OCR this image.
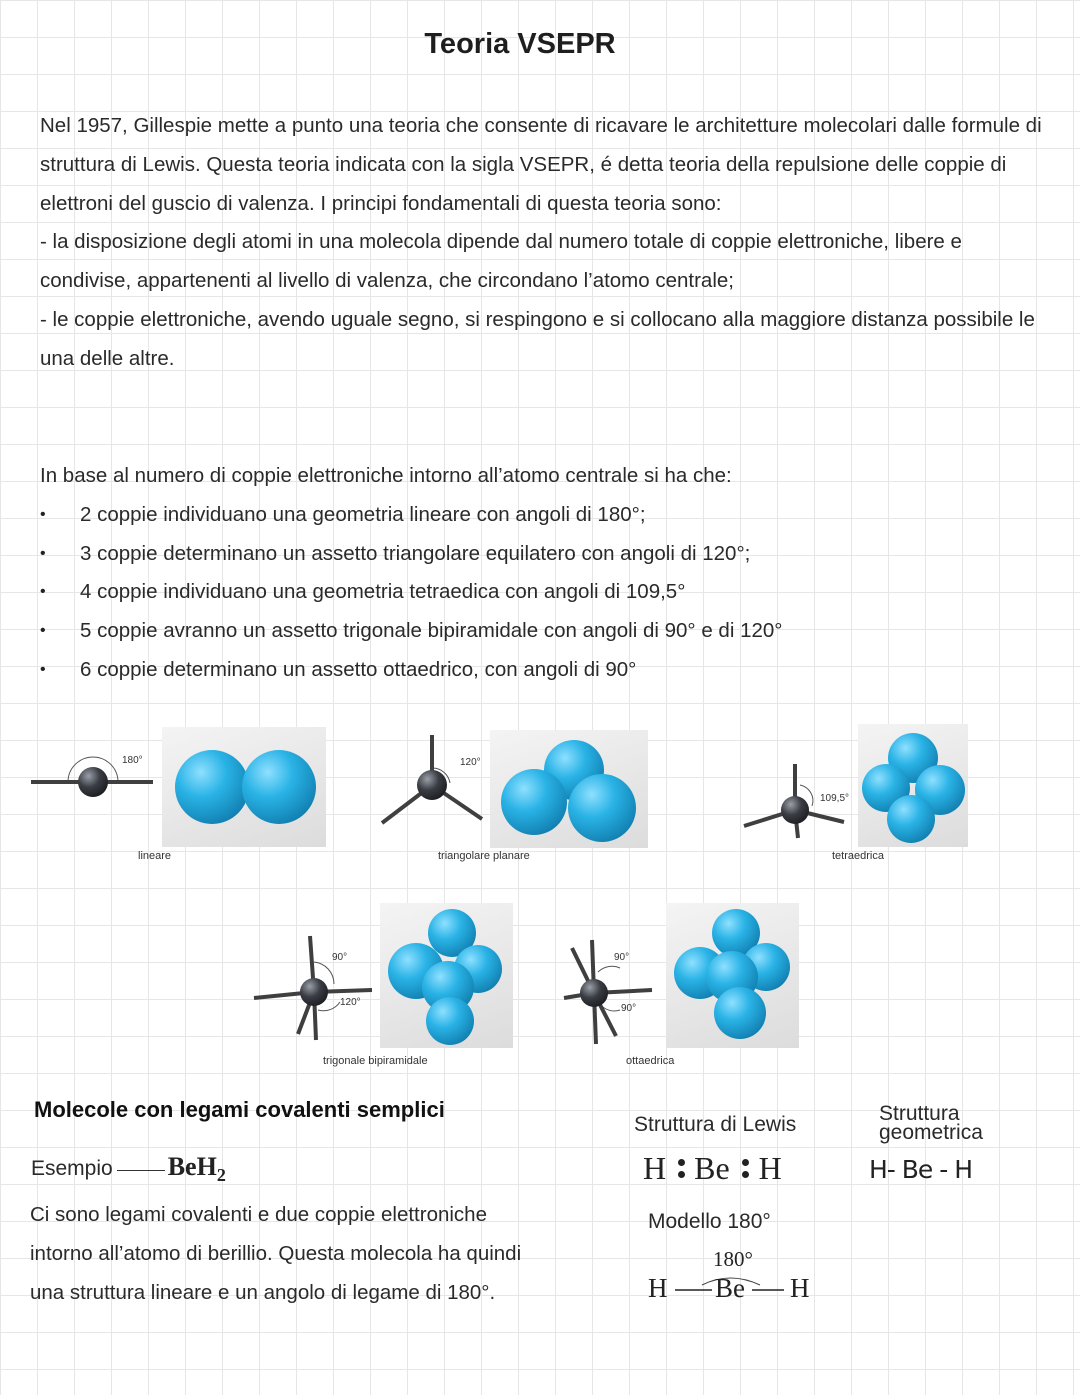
Teoria VSEPR

Nel 1957, Gillespie mette a punto una teoria che consente di ricavare le architetture molecolari dalle formule di struttura di Lewis. Questa teoria indicata con la sigla VSEPR, é detta teoria della repulsione delle coppie di elettroni del guscio di valenza. I principi fondamentali di questa teoria sono:

- la disposizione degli atomi in una molecola dipende dal numero totale di coppie elettroniche, libere e condivise, appartenenti al livello di valenza, che circondano l’atomo centrale;

- le coppie elettroniche, avendo uguale segno, si respingono e si collocano alla maggiore distanza possibile le una delle altre.

In base al numero di coppie elettroniche intorno all’atomo centrale si ha che:
• 2 coppie individuano una geometria lineare con angoli di 180°;
• 3 coppie determinano un assetto triangolare equilatero con angoli di 120°;
• 4 coppie individuano una geometria tetraedica con angoli di 109,5°
• 5 coppie avranno un assetto trigonale bipiramidale con angoli di 90° e di 120°
• 6 coppie determinano un assetto ottaedrico, con angoli di 90°
180°
lineare
120°
triangolare planare
109,5°
tetraedrica
90°
120°
trigonale bipiramidale
90°
90°
ottaedrica
Molecole con legami covalenti semplici
Esempio BeH$_2$
Ci sono legami covalenti e due coppie elettroniche
intorno all’atomo di berillio. Questa molecola ha quindi
una struttura lineare e un angolo di legame di 180°.
Struttura di Lewis
H Be H
Struttura
geometrica
H- Be - H
Modello 180°
180°
H Be H
